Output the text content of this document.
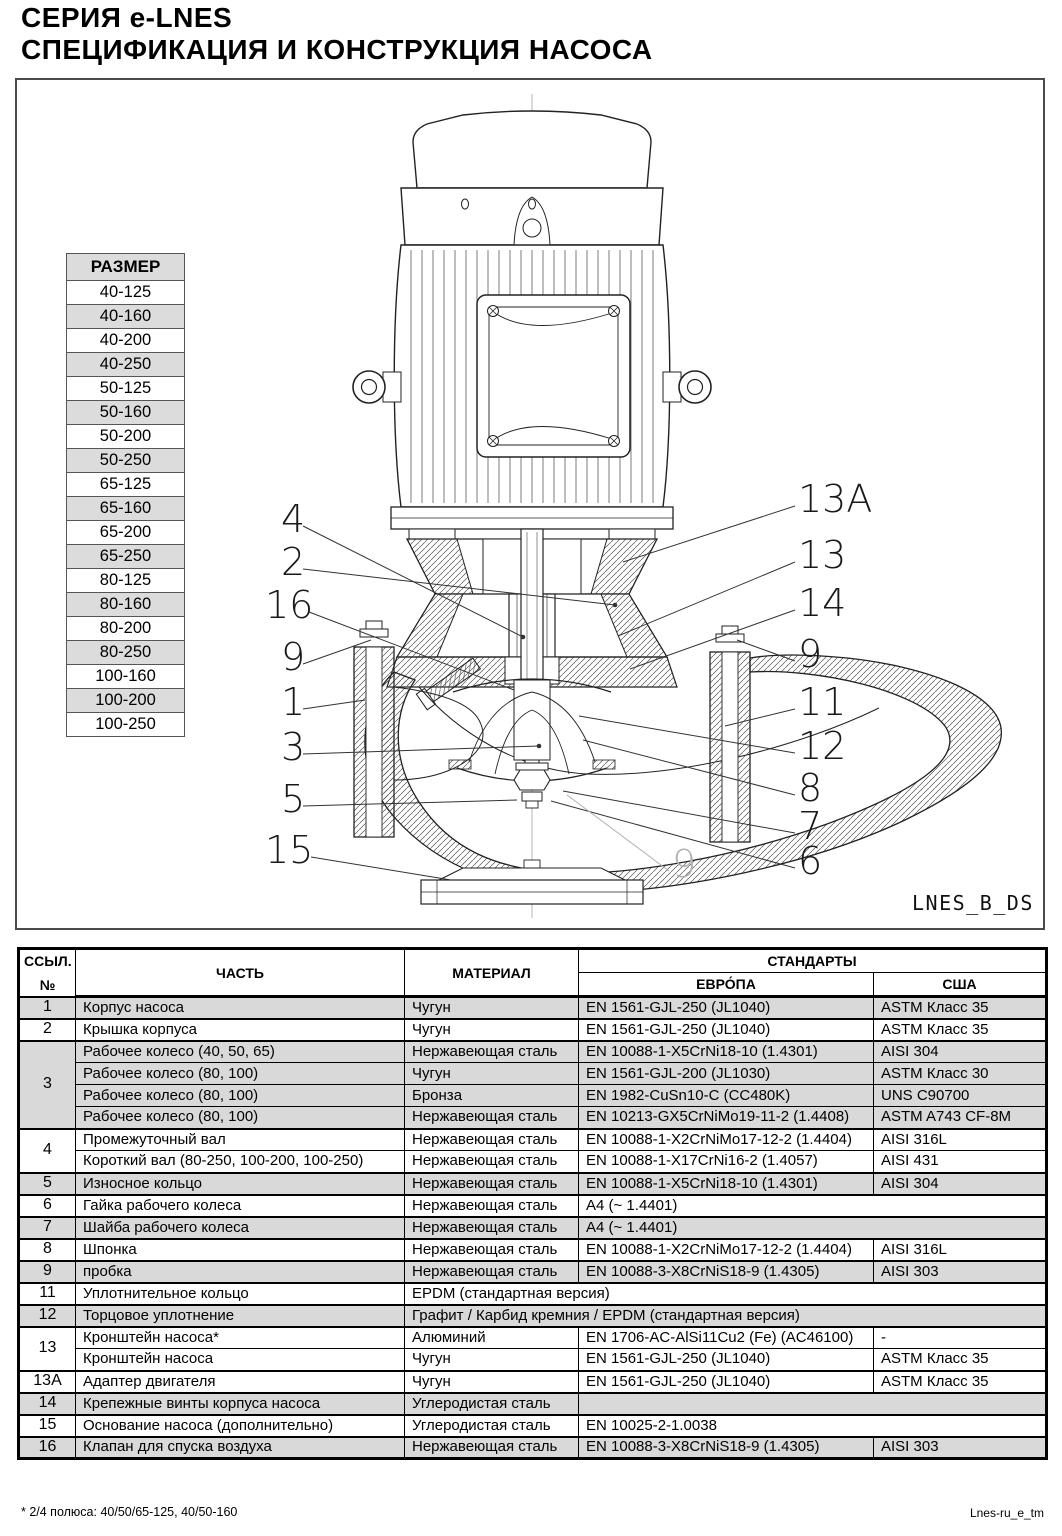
СЕРИЯ e-LNES
СПЕЦИФИКАЦИЯ И КОНСТРУКЦИЯ НАСОСА
4
2
16
9
1
3
5
15
13A
13
14
9
11
12
8
7
6
9
LNES_B_DS
РАЗМЕР
40-125
40-160
40-200
40-250
50-125
50-160
50-200
50-250
65-125
65-160
65-200
65-250
80-125
80-160
80-200
80-250
100-160
100-200
100-250
ССЫЛ.
№	ЧАСТЬ	МАТЕРИАЛ	СТАНДАРТЫ	
			ЕВРО́ПА	США
1	Корпус насоса	Чугун	EN 1561-GJL-250 (JL1040)	ASTM Класс 35
2	Крышка корпуса	Чугун	EN 1561-GJL-250 (JL1040)	ASTM Класс 35
3	Рабочее колесо (40, 50, 65)	Нержавеющая сталь	EN 10088-1-X5CrNi18-10 (1.4301)	AISI 304
	Рабочее колесо (80, 100)	Чугун	EN 1561-GJL-200 (JL1030)	ASTM Класс 30
	Рабочее колесо (80, 100)	Бронза	EN 1982-CuSn10-C (CC480K)	UNS C90700
	Рабочее колесо (80, 100)	Нержавеющая сталь	EN 10213-GX5CrNiMo19-11-2 (1.4408)	ASTM A743 CF-8M
4	Промежуточный вал	Нержавеющая сталь	EN 10088-1-X2CrNiMo17-12-2 (1.4404)	AISI 316L
	Короткий вал (80-250, 100-200, 100-250)	Нержавеющая сталь	EN 10088-1-X17CrNi16-2 (1.4057)	AISI 431
5	Износное кольцо	Нержавеющая сталь	EN 10088-1-X5CrNi18-10 (1.4301)	AISI 304
6	Гайка рабочего колеса	Нержавеющая сталь	A4 (~ 1.4401)	
7	Шайба рабочего колеса	Нержавеющая сталь	A4 (~ 1.4401)	
8	Шпонка	Нержавеющая сталь	EN 10088-1-X2CrNiMo17-12-2 (1.4404)	AISI 316L
9	пробка	Нержавеющая сталь	EN 10088-3-X8CrNiS18-9 (1.4305)	AISI 303
11	Уплотнительное кольцо	EPDM (стандартная версия)		
12	Торцовое уплотнение	Графит / Карбид кремния / EPDM (стандартная версия)		
13	Кронштейн насоса*	Алюминий	EN 1706-AC-AlSi11Cu2 (Fe) (AC46100)	-
	Кронштейн насоса	Чугун	EN 1561-GJL-250 (JL1040)	ASTM Класс 35
13A	Адаптер двигателя	Чугун	EN 1561-GJL-250 (JL1040)	ASTM Класс 35
14	Крепежные винты корпуса насоса	Углеродистая сталь		
15	Основание насоса (дополнительно)	Углеродистая сталь	EN 10025-2-1.0038	
16	Клапан для спуска воздуха	Нержавеющая сталь	EN 10088-3-X8CrNiS18-9 (1.4305)	AISI 303
* 2/4 полюса: 40/50/65-125, 40/50-160	Lnes-ru_e_tm
